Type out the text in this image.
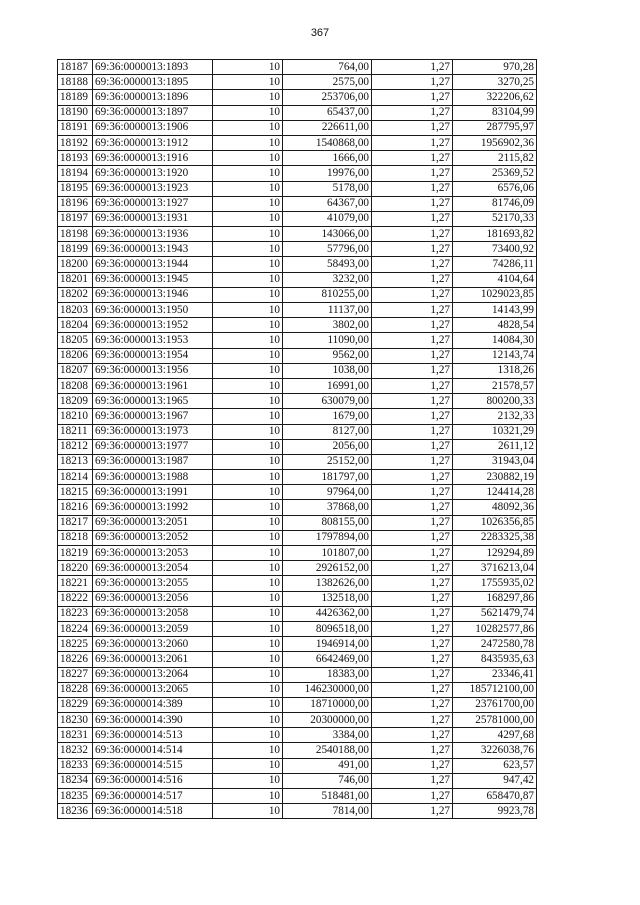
367
18187	69:36:0000013:1893	10	764,00	1,27	970,28
18188	69:36:0000013:1895	10	2575,00	1,27	3270,25
18189	69:36:0000013:1896	10	253706,00	1,27	322206,62
18190	69:36:0000013:1897	10	65437,00	1,27	83104,99
18191	69:36:0000013:1906	10	226611,00	1,27	287795,97
18192	69:36:0000013:1912	10	1540868,00	1,27	1956902,36
18193	69:36:0000013:1916	10	1666,00	1,27	2115,82
18194	69:36:0000013:1920	10	19976,00	1,27	25369,52
18195	69:36:0000013:1923	10	5178,00	1,27	6576,06
18196	69:36:0000013:1927	10	64367,00	1,27	81746,09
18197	69:36:0000013:1931	10	41079,00	1,27	52170,33
18198	69:36:0000013:1936	10	143066,00	1,27	181693,82
18199	69:36:0000013:1943	10	57796,00	1,27	73400,92
18200	69:36:0000013:1944	10	58493,00	1,27	74286,11
18201	69:36:0000013:1945	10	3232,00	1,27	4104,64
18202	69:36:0000013:1946	10	810255,00	1,27	1029023,85
18203	69:36:0000013:1950	10	11137,00	1,27	14143,99
18204	69:36:0000013:1952	10	3802,00	1,27	4828,54
18205	69:36:0000013:1953	10	11090,00	1,27	14084,30
18206	69:36:0000013:1954	10	9562,00	1,27	12143,74
18207	69:36:0000013:1956	10	1038,00	1,27	1318,26
18208	69:36:0000013:1961	10	16991,00	1,27	21578,57
18209	69:36:0000013:1965	10	630079,00	1,27	800200,33
18210	69:36:0000013:1967	10	1679,00	1,27	2132,33
18211	69:36:0000013:1973	10	8127,00	1,27	10321,29
18212	69:36:0000013:1977	10	2056,00	1,27	2611,12
18213	69:36:0000013:1987	10	25152,00	1,27	31943,04
18214	69:36:0000013:1988	10	181797,00	1,27	230882,19
18215	69:36:0000013:1991	10	97964,00	1,27	124414,28
18216	69:36:0000013:1992	10	37868,00	1,27	48092,36
18217	69:36:0000013:2051	10	808155,00	1,27	1026356,85
18218	69:36:0000013:2052	10	1797894,00	1,27	2283325,38
18219	69:36:0000013:2053	10	101807,00	1,27	129294,89
18220	69:36:0000013:2054	10	2926152,00	1,27	3716213,04
18221	69:36:0000013:2055	10	1382626,00	1,27	1755935,02
18222	69:36:0000013:2056	10	132518,00	1,27	168297,86
18223	69:36:0000013:2058	10	4426362,00	1,27	5621479,74
18224	69:36:0000013:2059	10	8096518,00	1,27	10282577,86
18225	69:36:0000013:2060	10	1946914,00	1,27	2472580,78
18226	69:36:0000013:2061	10	6642469,00	1,27	8435935,63
18227	69:36:0000013:2064	10	18383,00	1,27	23346,41
18228	69:36:0000013:2065	10	146230000,00	1,27	185712100,00
18229	69:36:0000014:389	10	18710000,00	1,27	23761700,00
18230	69:36:0000014:390	10	20300000,00	1,27	25781000,00
18231	69:36:0000014:513	10	3384,00	1,27	4297,68
18232	69:36:0000014:514	10	2540188,00	1,27	3226038,76
18233	69:36:0000014:515	10	491,00	1,27	623,57
18234	69:36:0000014:516	10	746,00	1,27	947,42
18235	69:36:0000014:517	10	518481,00	1,27	658470,87
18236	69:36:0000014:518	10	7814,00	1,27	9923,78
